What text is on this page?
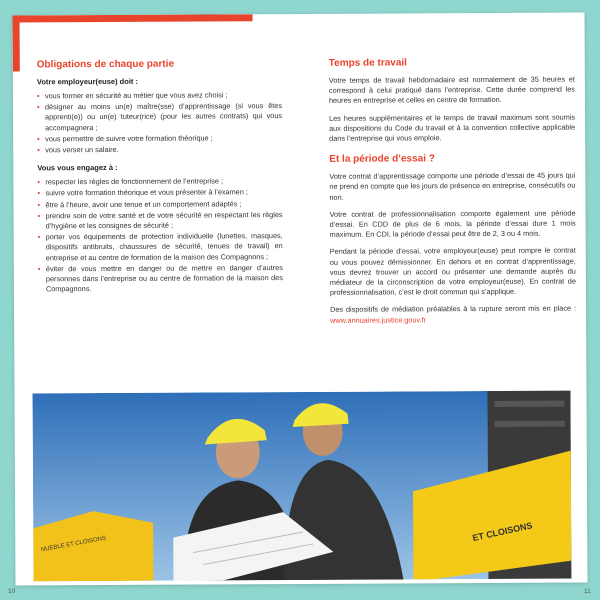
Obligations de chaque partie
Votre employeur(euse) doit :
• vous former en sécurité au métier que vous avez choisi ;
• désigner au moins un(e) maître(sse) d’apprentissage (si vous êtes apprenti(e)) ou un(e) tuteur(rice) (pour les autres contrats) qui vous accompagnera ;
• vous permettre de suivre votre formation théorique ;
• vous verser un salaire.
Vous vous engagez à :
• respecter les règles de fonctionnement de l’entreprise ;
• suivre votre formation théorique et vous présenter à l’examen ;
• être à l’heure, avoir une tenue et un comportement adaptés ;
• prendre soin de votre santé et de votre sécurité en respectant les règles d’hygiène et les consignes de sécurité ;
• porter vos équipements de protection individuelle (lunettes, masques, dispositifs antibruits, chaussures de sécurité, tenues de travail) en entreprise et au centre de formation de la maison des Compagnons ;
• éviter de vous mettre en danger ou de mettre en danger d’autres personnes dans l’entreprise ou au centre de formation de la maison des Compagnons.
Temps de travail

Votre temps de travail hebdomadaire est normalement de 35 heures et correspond à celui pratiqué dans l’entreprise. Cette durée comprend les heures en entreprise et celles en centre de formation.

Les heures supplémentaires et le temps de travail maximum sont soumis aux dispositions du Code du travail et à la convention collective applicable dans l’entreprise qui vous emploie.

Et la période d’essai ?

Votre contrat d’apprentissage comporte une période d’essai de 45 jours qui ne prend en compte que les jours de présence en entreprise, consécutifs ou non.

Votre contrat de professionnalisation comporte également une période d’essai. En CDD de plus de 6 mois, la période d’essai dure 1 mois maximum. En CDI, la période d’essai peut être de 2, 3 ou 4 mois.

Pendant la période d’essai, votre employeur(euse) peut rompre le contrat ou vous pouvez démissionner. En dehors et en contrat d’apprentissage, vous devrez trouver un accord ou présenter une demande auprès du médiateur de la circonscription de votre employeur(euse). En contrat de professionnalisation, c’est le droit commun qui s’applique.

Des dispositifs de médiation préalables à la rupture seront mis en place : www.annuaires.justice.gouv.fr

NUEBLE ET CLOISONS
ET CLOISONS
10	11
